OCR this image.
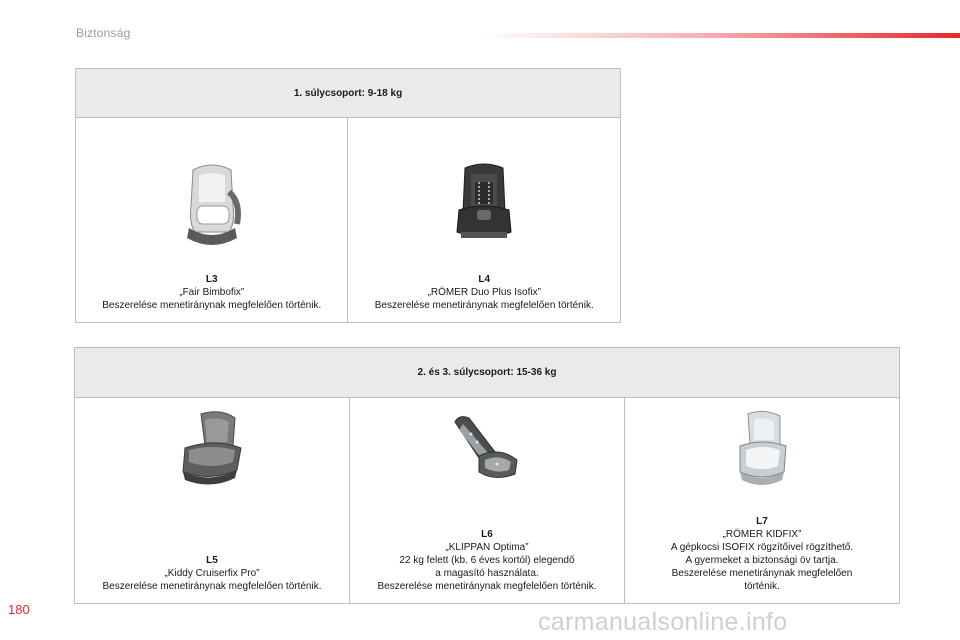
Biztonság
1. súlycsoport: 9-18 kg

L3
„Fair Bimbofix”
Beszerelése menetiránynak megfelelően történik.

L4
„RÖMER Duo Plus Isofix”
Beszerelése menetiránynak megfelelően történik.
2. és 3. súlycsoport: 15-36 kg

L5
„Kiddy Cruiserfix Pro”
Beszerelése menetiránynak megfelelően történik.

L6
„KLIPPAN Optima”
22 kg felett (kb. 6 éves kortól) elegendő
a magasító használata.
Beszerelése menetiránynak megfelelően történik.

L7
„RÖMER KIDFIX”
A gépkocsi ISOFIX rögzítőivel rögzíthető.
A gyermeket a biztonsági öv tartja.
Beszerelése menetiránynak megfelelően
történik.
180	carmanualsonline.info
